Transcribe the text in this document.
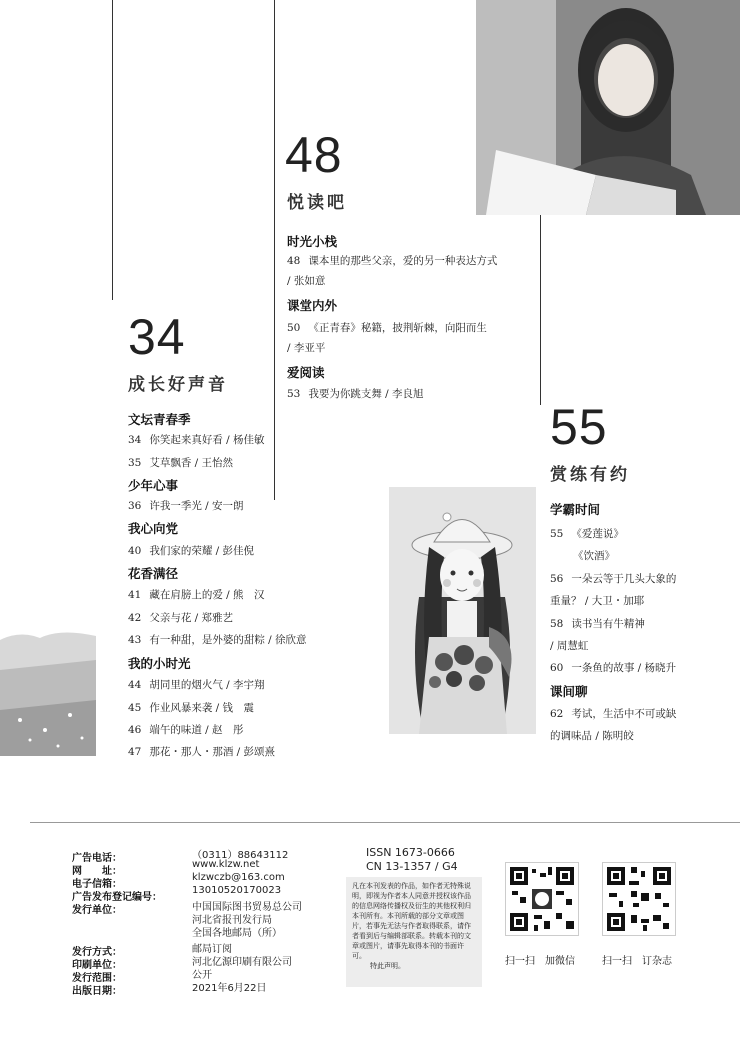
48
悦读吧
时光小栈
48 课本里的那些父亲，爱的另一种表达方式
/ 张如意
课堂内外
50 《正青春》秘籍，披荆斩棘，向阳而生
/ 李亚平
爱阅读
53 我要为你跳支舞 / 李良旭
34
成长好声音
文坛青春季
34 你笑起来真好看 / 杨佳敏
35 艾草飘香 / 王怡然
少年心事
36 许我一季光 / 安一朗
我心向党
40 我们家的荣耀 / 彭佳倪
花香满径
41 藏在肩膀上的爱 / 熊　汉
42 父亲与花 / 郑雅艺
43 有一种甜，是外婆的甜粽 / 徐欣意
我的小时光
44 胡同里的烟火气 / 李宇翔
45 作业风暴来袭 / 钱　震
46 端午的味道 / 赵　彤
47 那花・那人・那酒 / 彭颂熹
55
赏练有约
学霸时间
55 《爱莲说》
《饮酒》
56 一朵云等于几头大象的
重量？ / 大卫・加耶
58 读书当有牛精神
/ 周慧虹
60 一条鱼的故事 / 杨晓升
课间聊
62 考试，生活中不可或缺
的调味品 / 陈明皎
广告电话：	（0311）88643112
网　　址：
www.klzw.net
电子信箱：
klzwczb@163.com
广告发布登记编号：
13010520170023
发行单位：	中国国际图书贸易总公司
河北省报刊发行局
全国各地邮局（所）
发行方式：	邮局订阅
印刷单位：	河北亿源印刷有限公司
发行范围：	公开
出版日期：	2021年6月22日
ISSN 1673-0666
CN 13-1357 / G4
凡在本刊发表的作品，如作者无特殊说明，即视为作者本人同意并授权该作品的信息网络传播权及衍生的其他权利归本刊所有。本刊所载的部分文章或图片，若事先无法与作者取得联系，请作者看到后与编辑部联系。转载本刊的文章或图片，请事先取得本刊的书面许可。
特此声明。	扫一扫　 加微信	扫一扫　 订杂志
